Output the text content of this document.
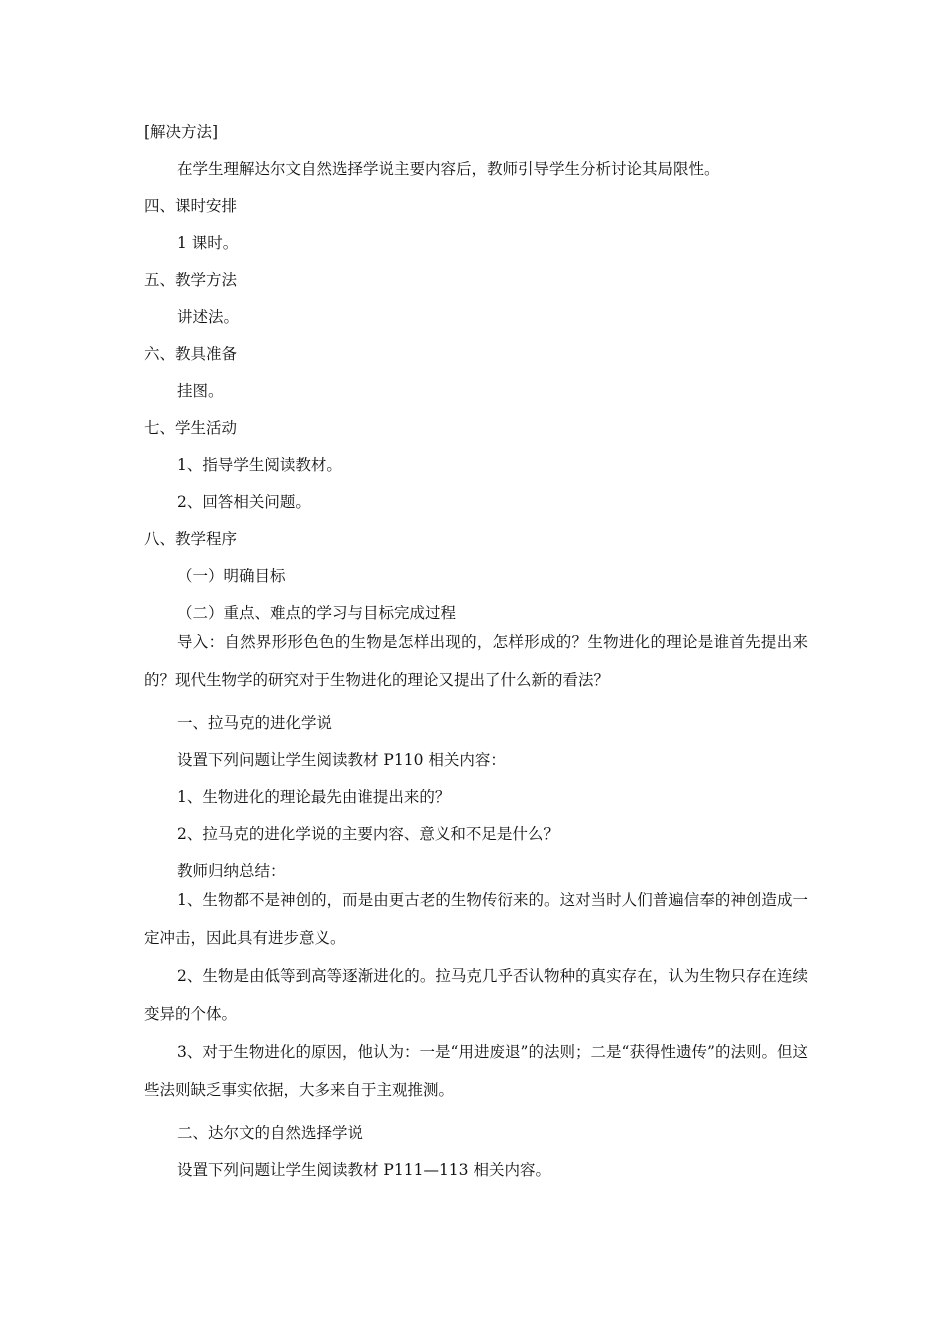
[解决方法]

在学生理解达尔文自然选择学说主要内容后，教师引导学生分析讨论其局限性。

四、课时安排

1 课时。

五、教学方法

讲述法。

六、教具准备

挂图。

七、学生活动

1、指导学生阅读教材。

2、回答相关问题。

八、教学程序

（一）明确目标

（二）重点、难点的学习与目标完成过程

导入：自然界形形色色的生物是怎样出现的，怎样形成的？生物进化的理论是谁首先提出来的？现代生物学的研究对于生物进化的理论又提出了什么新的看法？

一、拉马克的进化学说

设置下列问题让学生阅读教材 P110 相关内容：

1、生物进化的理论最先由谁提出来的？

2、拉马克的进化学说的主要内容、意义和不足是什么？

教师归纳总结：

1、生物都不是神创的，而是由更古老的生物传衍来的。这对当时人们普遍信奉的神创造成一定冲击，因此具有进步意义。

2、生物是由低等到高等逐渐进化的。拉马克几乎否认物种的真实存在，认为生物只存在连续变异的个体。

3、对于生物进化的原因，他认为：一是“用进废退”的法则；二是“获得性遗传”的法则。但这些法则缺乏事实依据，大多来自于主观推测。

二、达尔文的自然选择学说

设置下列问题让学生阅读教材 P111—113 相关内容。
